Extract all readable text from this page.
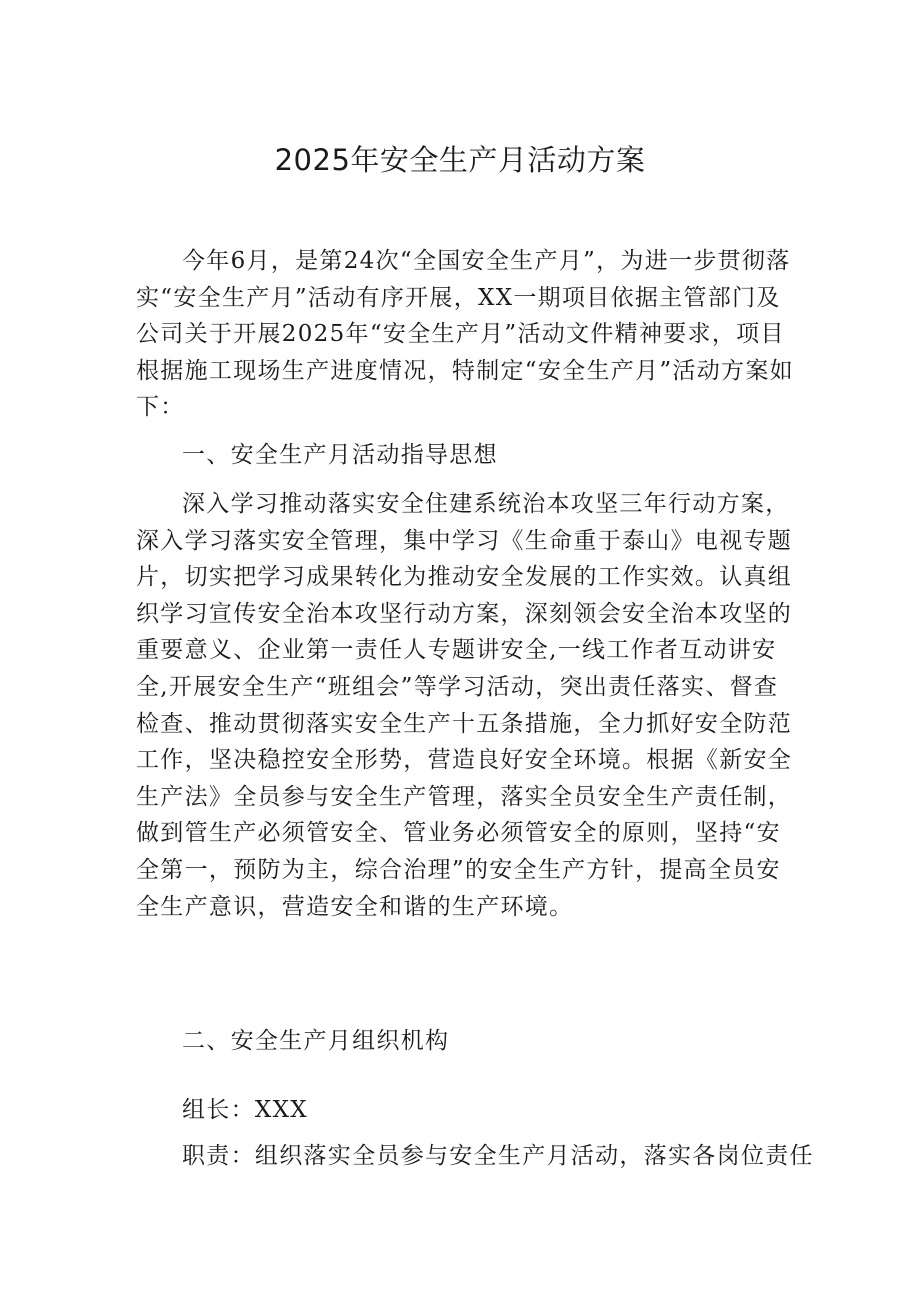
2025年安全生产月活动方案

今年6月，是第24次“全国安全生产月”，为进一步贯彻落实“安全生产月”活动有序开展，XX一期项目依据主管部门及公司关于开展2025年“安全生产月”活动文件精神要求，项目根据施工现场生产进度情况，特制定“安全生产月”活动方案如下：

一、安全生产月活动指导思想

深入学习推动落实安全住建系统治本攻坚三年行动方案，深入学习落实安全管理，集中学习《生命重于泰山》电视专题片，切实把学习成果转化为推动安全发展的工作实效。认真组织学习宣传安全治本攻坚行动方案，深刻领会安全治本攻坚的重要意义、企业第一责任人专题讲安全,一线工作者互动讲安全,开展安全生产“班组会”等学习活动，突出责任落实、督查检查、推动贯彻落实安全生产十五条措施，全力抓好安全防范工作，坚决稳控安全形势，营造良好安全环境。根据《新安全生产法》全员参与安全生产管理，落实全员安全生产责任制，做到管生产必须管安全、管业务必须管安全的原则，坚持“安全第一，预防为主，综合治理”的安全生产方针，提高全员安全生产意识，营造安全和谐的生产环境。

二、安全生产月组织机构
组长：XXX
职责：组织落实全员参与安全生产月活动，落实各岗位责任
